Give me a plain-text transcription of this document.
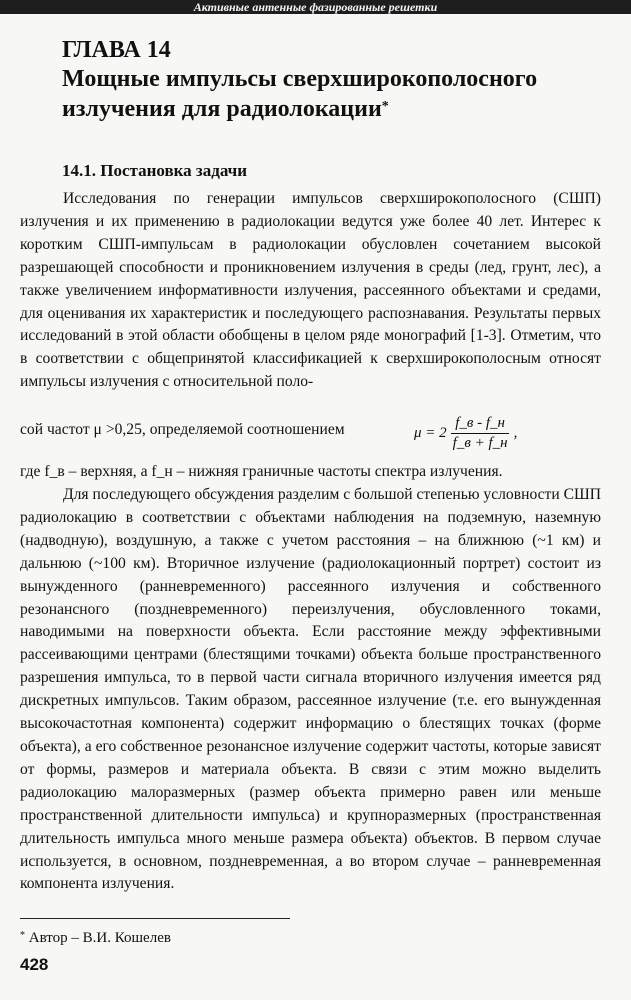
Активные антенные фазированные решетки
ГЛАВА 14
Мощные импульсы сверхширокополосного излучения для радиолокации*
14.1. Постановка задачи

Исследования по генерации импульсов сверхширокополосного (СШП) излучения и их применению в радиолокации ведутся уже более 40 лет. Интерес к коротким СШП-импульсам в радиолокации обусловлен сочетанием высокой разрешающей способности и проникновением излучения в среды (лед, грунт, лес), а также увеличением информативности излучения, рассеянного объектами и средами, для оценивания их характеристик и последующего распознавания. Результаты первых исследований в этой области обобщены в целом ряде монографий [1-3]. Отметим, что в соответствии с общепринятой классификацией к сверхширокополосным относят импульсы излучения с относительной поло-

сой частот μ >0,25, определяемой соотношением	$\mu = 2 \frac{f\_в - f\_н}{f\_в + f\_н}$ ,

где f_в – верхняя, а f_н – нижняя граничные частоты спектра излучения.

Для последующего обсуждения разделим с большой степенью условности СШП радиолокацию в соответствии с объектами наблюдения на подземную, наземную (надводную), воздушную, а также с учетом расстояния – на ближнюю (~1 км) и дальнюю (~100 км). Вторичное излучение (радиолокационный портрет) состоит из вынужденного (ранневременного) рассеянного излучения и собственного резонансного (поздневременного) переизлучения, обусловленного токами, наводимыми на поверхности объекта. Если расстояние между эффективными рассеивающими центрами (блестящими точками) объекта больше пространственного разрешения импульса, то в первой части сигнала вторичного излучения имеется ряд дискретных импульсов. Таким образом, рассеянное излучение (т.е. его вынужденная высокочастотная компонента) содержит информацию о блестящих точках (форме объекта), а его собственное резонансное излучение содержит частоты, которые зависят от формы, размеров и материала объекта. В связи с этим можно выделить радиолокацию малоразмерных (размер объекта примерно равен или меньше пространственной длительности импульса) и крупноразмерных (пространственная длительность импульса много меньше размера объекта) объектов. В первом случае используется, в основном, поздневременная, а во втором случае – ранневременная компонента излучения.

* Автор – В.И. Кошелев
428
